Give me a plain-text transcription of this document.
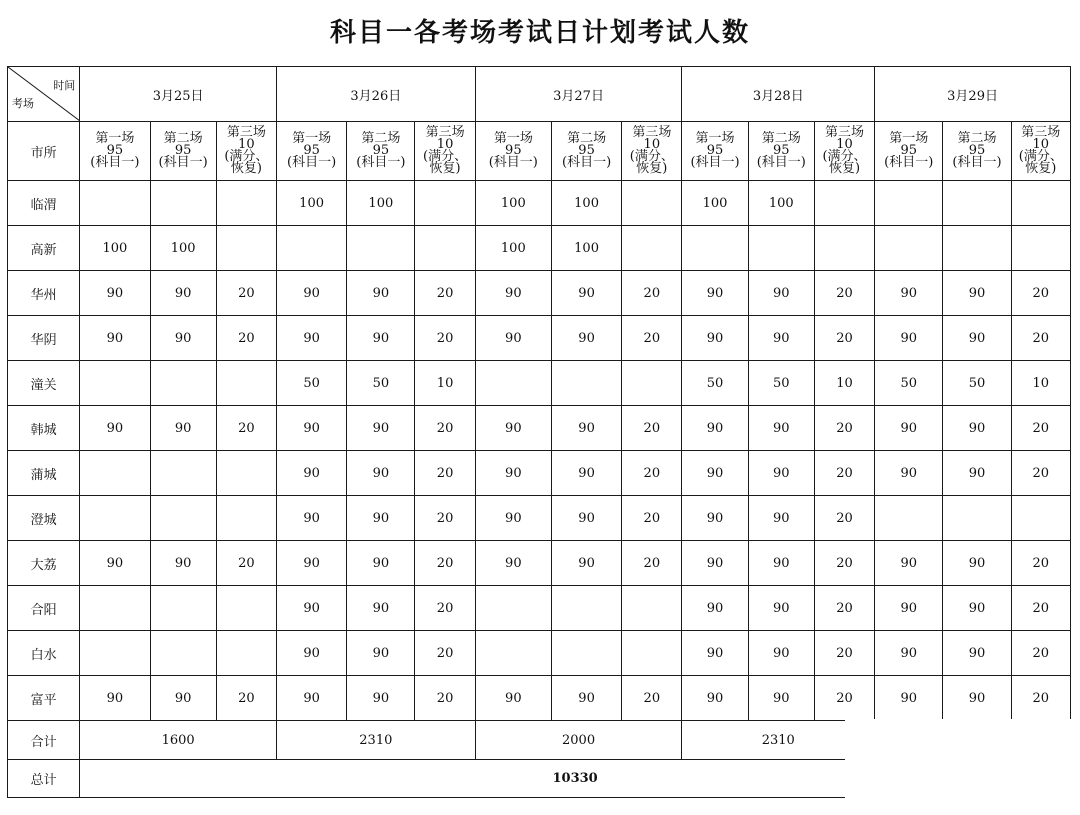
科目一各考场考试日计划考试人数
时间
考场	3月25日			3月26日			3月27日			3月28日			3月29日		
市所	第一场
95
(科目一)	第二场
95
(科目一)	第三场
10
(满分、
恢复)	第一场
95
(科目一)	第二场
95
(科目一)	第三场
10
(满分、
恢复)	第一场
95
(科目一)	第二场
95
(科目一)	第三场
10
(满分、
恢复)	第一场
95
(科目一)	第二场
95
(科目一)	第三场
10
(满分、
恢复)	第一场
95
(科目一)	第二场
95
(科目一)	第三场
10
(满分、
恢复)

临渭				100	100		100	100		100	100				
高新	100	100					100	100							
华州	90	90	20	90	90	20	90	90	20	90	90	20	90	90	20
华阴	90	90	20	90	90	20	90	90	20	90	90	20	90	90	20
潼关				50	50	10				50	50	10	50	50	10
韩城	90	90	20	90	90	20	90	90	20	90	90	20	90	90	20
蒲城				90	90	20	90	90	20	90	90	20	90	90	20
澄城				90	90	20	90	90	20	90	90	20			
大荔	90	90	20	90	90	20	90	90	20	90	90	20	90	90	20
合阳				90	90	20				90	90	20	90	90	20
白水				90	90	20				90	90	20	90	90	20
富平	90	90	20	90	90	20	90	90	20	90	90	20	90	90	20
合计	1600			2310			2000			2310					
总计	10330														
